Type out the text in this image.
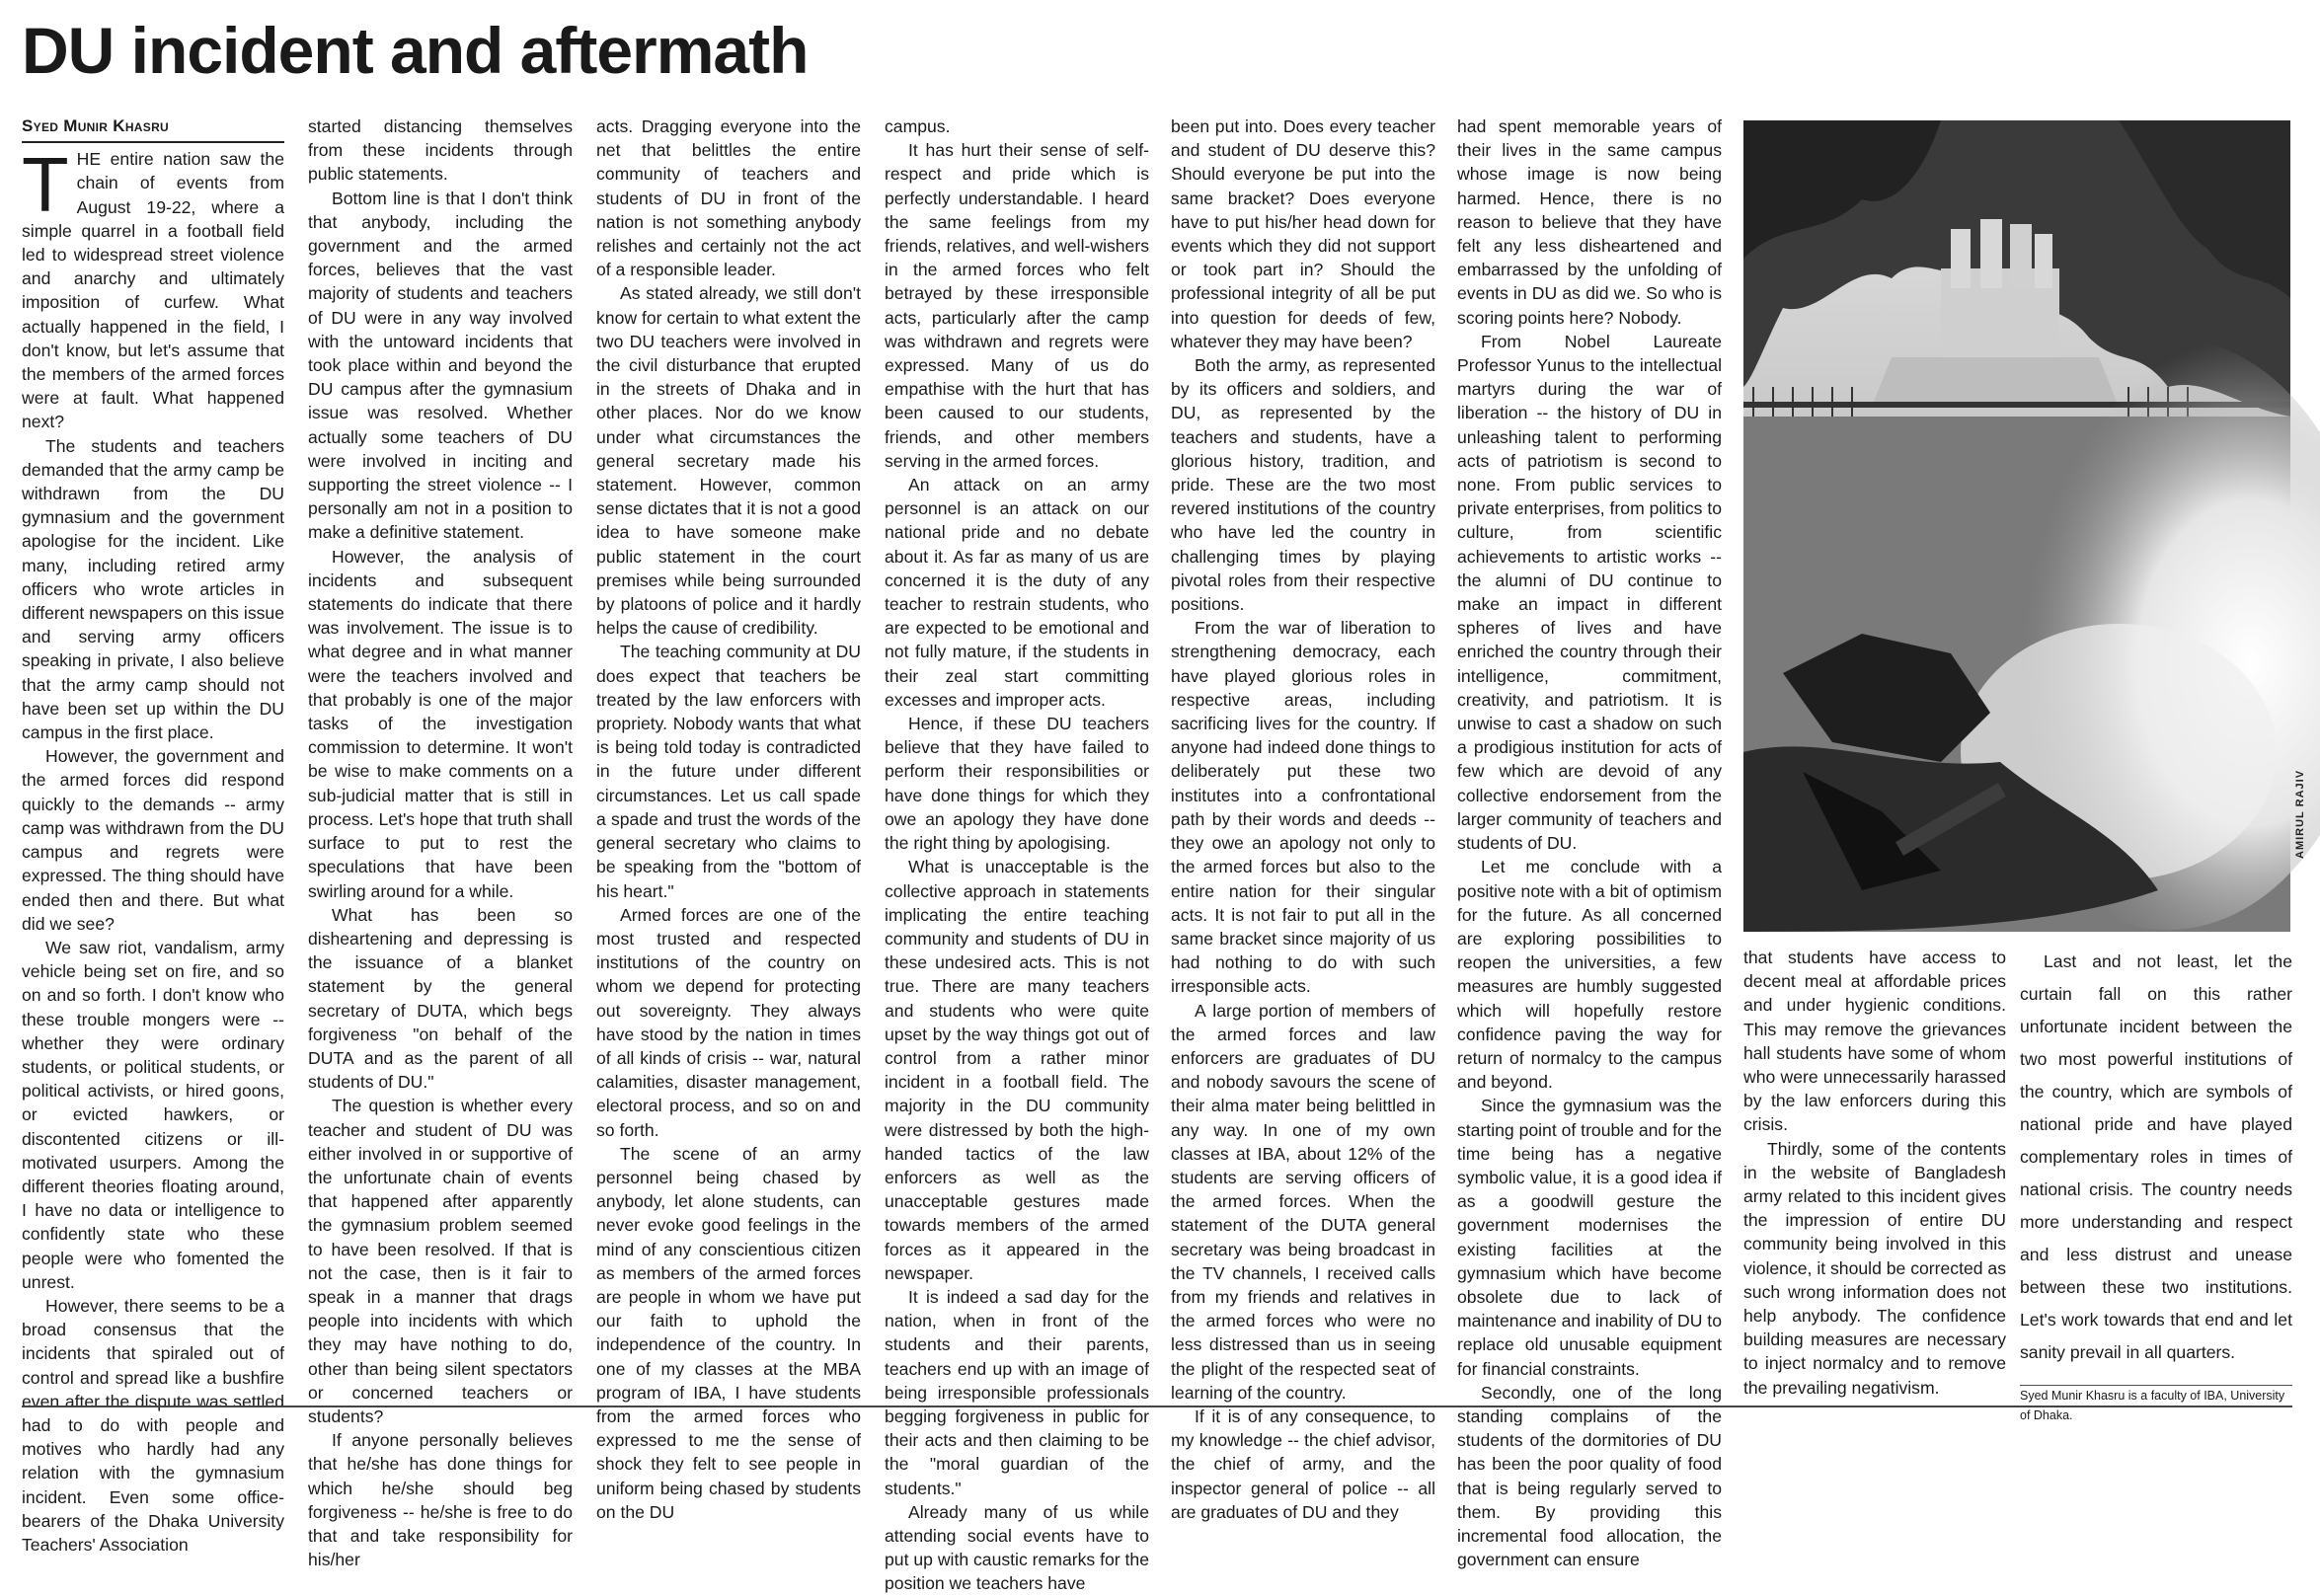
DU incident and aftermath
Syed Munir Khasru

THE entire nation saw the chain of events from August 19-22, where a simple quarrel in a football field led to widespread street violence and anarchy and ultimately imposition of curfew. What actually happened in the field, I don't know, but let's assume that the members of the armed forces were at fault. What happened next?

The students and teachers demanded that the army camp be withdrawn from the DU gymnasium and the government apologise for the incident. Like many, including retired army officers who wrote articles in different newspapers on this issue and serving army officers speaking in private, I also believe that the army camp should not have been set up within the DU campus in the first place.

However, the government and the armed forces did respond quickly to the demands -- army camp was withdrawn from the DU campus and regrets were expressed. The thing should have ended then and there. But what did we see?

We saw riot, vandalism, army vehicle being set on fire, and so on and so forth. I don't know who these trouble mongers were -- whether they were ordinary students, or political students, or political activists, or hired goons, or evicted hawkers, or discontented citizens or ill-motivated usurpers. Among the different theories floating around, I have no data or intelligence to confidently state who these people were who fomented the unrest.

However, there seems to be a broad consensus that the incidents that spiraled out of control and spread like a bushfire even after the dispute was settled had to do with people and motives who hardly had any relation with the gymnasium incident. Even some office-bearers of the Dhaka University Teachers' Association

started distancing themselves from these incidents through public statements.

Bottom line is that I don't think that anybody, including the government and the armed forces, believes that the vast majority of students and teachers of DU were in any way involved with the untoward incidents that took place within and beyond the DU campus after the gymnasium issue was resolved. Whether actually some teachers of DU were involved in inciting and supporting the street violence -- I personally am not in a position to make a definitive statement.

However, the analysis of incidents and subsequent statements do indicate that there was involvement. The issue is to what degree and in what manner were the teachers involved and that probably is one of the major tasks of the investigation commission to determine. It won't be wise to make comments on a sub-judicial matter that is still in process. Let's hope that truth shall surface to put to rest the speculations that have been swirling around for a while.

What has been so disheartening and depressing is the issuance of a blanket statement by the general secretary of DUTA, which begs forgiveness "on behalf of the DUTA and as the parent of all students of DU."

The question is whether every teacher and student of DU was either involved in or supportive of the unfortunate chain of events that happened after apparently the gymnasium problem seemed to have been resolved. If that is not the case, then is it fair to speak in a manner that drags people into incidents with which they may have nothing to do, other than being silent spectators or concerned teachers or students?

If anyone personally believes that he/she has done things for which he/she should beg forgiveness -- he/she is free to do that and take responsibility for his/her

acts. Dragging everyone into the net that belittles the entire community of teachers and students of DU in front of the nation is not something anybody relishes and certainly not the act of a responsible leader.

As stated already, we still don't know for certain to what extent the two DU teachers were involved in the civil disturbance that erupted in the streets of Dhaka and in other places. Nor do we know under what circumstances the general secretary made his statement. However, common sense dictates that it is not a good idea to have someone make public statement in the court premises while being surrounded by platoons of police and it hardly helps the cause of credibility.

The teaching community at DU does expect that teachers be treated by the law enforcers with propriety. Nobody wants that what is being told today is contradicted in the future under different circumstances. Let us call spade a spade and trust the words of the general secretary who claims to be speaking from the "bottom of his heart."

Armed forces are one of the most trusted and respected institutions of the country on whom we depend for protecting out sovereignty. They always have stood by the nation in times of all kinds of crisis -- war, natural calamities, disaster management, electoral process, and so on and so forth.

The scene of an army personnel being chased by anybody, let alone students, can never evoke good feelings in the mind of any conscientious citizen as members of the armed forces are people in whom we have put our faith to uphold the independence of the country. In one of my classes at the MBA program of IBA, I have students from the armed forces who expressed to me the sense of shock they felt to see people in uniform being chased by students on the DU

campus.

It has hurt their sense of self-respect and pride which is perfectly understandable. I heard the same feelings from my friends, relatives, and well-wishers in the armed forces who felt betrayed by these irresponsible acts, particularly after the camp was withdrawn and regrets were expressed. Many of us do empathise with the hurt that has been caused to our students, friends, and other members serving in the armed forces.

An attack on an army personnel is an attack on our national pride and no debate about it. As far as many of us are concerned it is the duty of any teacher to restrain students, who are expected to be emotional and not fully mature, if the students in their zeal start committing excesses and improper acts.

Hence, if these DU teachers believe that they have failed to perform their responsibilities or have done things for which they owe an apology they have done the right thing by apologising.

What is unacceptable is the collective approach in statements implicating the entire teaching community and students of DU in these undesired acts. This is not true. There are many teachers and students who were quite upset by the way things got out of control from a rather minor incident in a football field. The majority in the DU community were distressed by both the high-handed tactics of the law enforcers as well as the unacceptable gestures made towards members of the armed forces as it appeared in the newspaper.

It is indeed a sad day for the nation, when in front of the students and their parents, teachers end up with an image of being irresponsible professionals begging forgiveness in public for their acts and then claiming to be the "moral guardian of the students."

Already many of us while attending social events have to put up with caustic remarks for the position we teachers have

been put into. Does every teacher and student of DU deserve this? Should everyone be put into the same bracket? Does everyone have to put his/her head down for events which they did not support or took part in? Should the professional integrity of all be put into question for deeds of few, whatever they may have been?

Both the army, as represented by its officers and soldiers, and DU, as represented by the teachers and students, have a glorious history, tradition, and pride. These are the two most revered institutions of the country who have led the country in challenging times by playing pivotal roles from their respective positions.

From the war of liberation to strengthening democracy, each have played glorious roles in respective areas, including sacrificing lives for the country. If anyone had indeed done things to deliberately put these two institutes into a confrontational path by their words and deeds -- they owe an apology not only to the armed forces but also to the entire nation for their singular acts. It is not fair to put all in the same bracket since majority of us had nothing to do with such irresponsible acts.

A large portion of members of the armed forces and law enforcers are graduates of DU and nobody savours the scene of their alma mater being belittled in any way. In one of my own classes at IBA, about 12% of the students are serving officers of the armed forces. When the statement of the DUTA general secretary was being broadcast in the TV channels, I received calls from my friends and relatives in the armed forces who were no less distressed than us in seeing the plight of the respected seat of learning of the country.

If it is of any consequence, to my knowledge -- the chief advisor, the chief of army, and the inspector general of police -- all are graduates of DU and they

had spent memorable years of their lives in the same campus whose image is now being harmed. Hence, there is no reason to believe that they have felt any less disheartened and embarrassed by the unfolding of events in DU as did we. So who is scoring points here? Nobody.

From Nobel Laureate Professor Yunus to the intellectual martyrs during the war of liberation -- the history of DU in unleashing talent to performing acts of patriotism is second to none. From public services to private enterprises, from politics to culture, from scientific achievements to artistic works -- the alumni of DU continue to make an impact in different spheres of lives and have enriched the country through their intelligence, commitment, creativity, and patriotism. It is unwise to cast a shadow on such a prodigious institution for acts of few which are devoid of any collective endorsement from the larger community of teachers and students of DU.

Let me conclude with a positive note with a bit of optimism for the future. As all concerned are exploring possibilities to reopen the universities, a few measures are humbly suggested which will hopefully restore confidence paving the way for return of normalcy to the campus and beyond.

Since the gymnasium was the starting point of trouble and for the time being has a negative symbolic value, it is a good idea if as a goodwill gesture the government modernises the existing facilities at the gymnasium which have become obsolete due to lack of maintenance and inability of DU to replace old unusable equipment for financial constraints.

Secondly, one of the long standing complains of the students of the dormitories of DU has been the poor quality of food that is being regularly served to them. By providing this incremental food allocation, the government can ensure

AMIRUL RAJIV

that students have access to decent meal at affordable prices and under hygienic conditions. This may remove the grievances hall students have some of whom who were unnecessarily harassed by the law enforcers during this crisis.

Thirdly, some of the contents in the website of Bangladesh army related to this incident gives the impression of entire DU community being involved in this violence, it should be corrected as such wrong information does not help anybody. The confidence building measures are necessary to inject normalcy and to remove the prevailing negativism.

Last and not least, let the curtain fall on this rather unfortunate incident between the two most powerful institutions of the country, which are symbols of national pride and have played complementary roles in times of national crisis. The country needs more understanding and respect and less distrust and unease between these two institutions. Let's work towards that end and let sanity prevail in all quarters.

Syed Munir Khasru is a faculty of IBA, University of Dhaka.
